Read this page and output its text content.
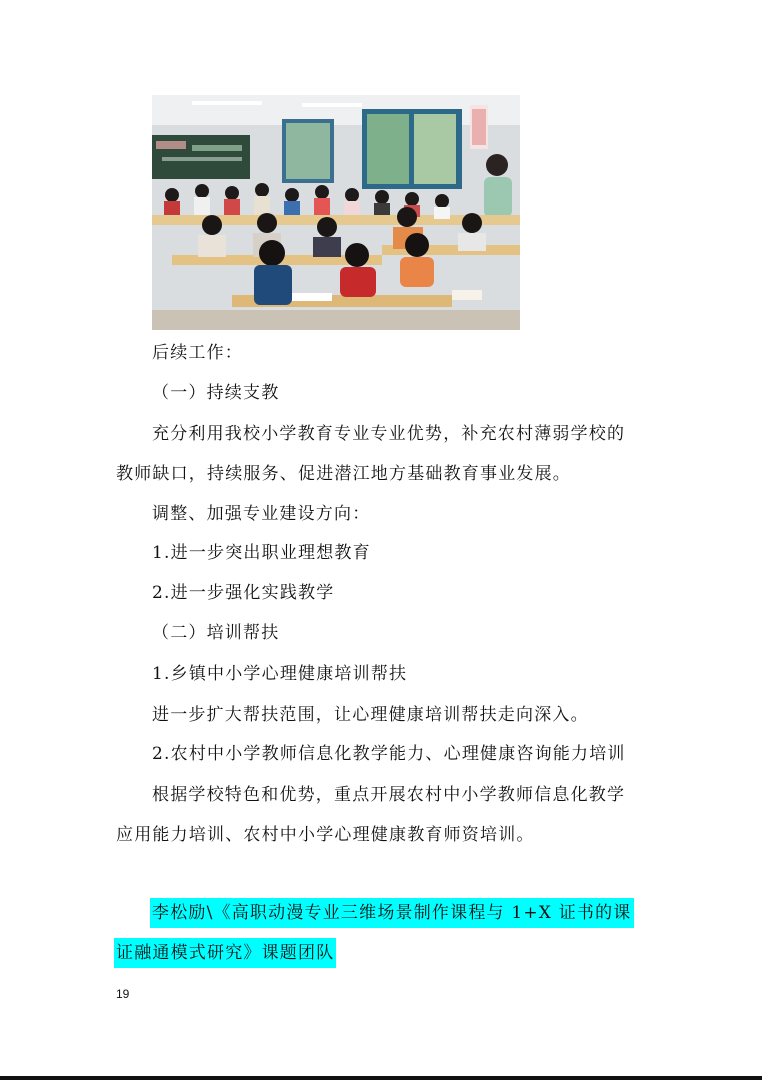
后续工作：
（一）持续支教
充分利用我校小学教育专业专业优势，补充农村薄弱学校的
教师缺口，持续服务、促进潜江地方基础教育事业发展。
调整、加强专业建设方向：
1.进一步突出职业理想教育
2.进一步强化实践教学
（二）培训帮扶
1.乡镇中小学心理健康培训帮扶
进一步扩大帮扶范围，让心理健康培训帮扶走向深入。
2.农村中小学教师信息化教学能力、心理健康咨询能力培训
根据学校特色和优势，重点开展农村中小学教师信息化教学
应用能力培训、农村中小学心理健康教育师资培训。
李松励\《高职动漫专业三维场景制作课程与 1+X 证书的课
证融通模式研究》课题团队
19
